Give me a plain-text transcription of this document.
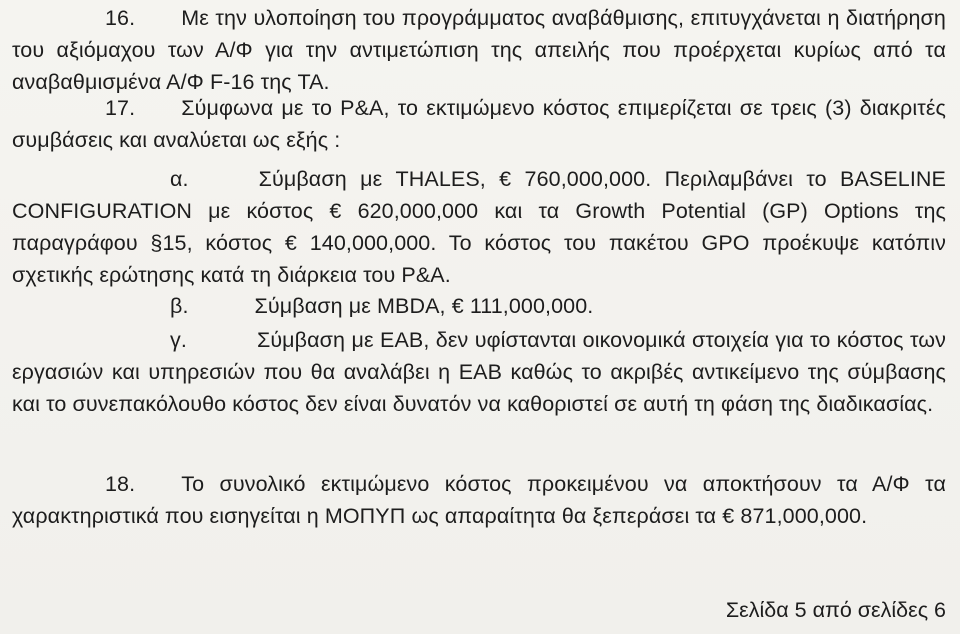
16. Με την υλοποίηση του προγράμματος αναβάθμισης, επιτυγχάνεται η διατήρηση του αξιόμαχου των Α/Φ για την αντιμετώπιση της απειλής που προέρχεται κυρίως από τα αναβαθμισμένα Α/Φ F-16 της ΤΑ.
17. Σύμφωνα με το Ρ&A, το εκτιμώμενο κόστος επιμερίζεται σε τρεις (3) διακριτές συμβάσεις και αναλύεται ως εξής :
α.	Σύμβαση με THALES, € 760,000,000. Περιλαμβάνει το BASELINE CONFIGURATION με κόστος € 620,000,000 και τα Growth Potential (GP) Options της παραγράφου §15, κόστος € 140,000,000. Το κόστος του πακέτου GPO προέκυψε κατόπιν σχετικής ερώτησης κατά τη διάρκεια του Ρ&A.
β.	Σύμβαση με MBDA, € 111,000,000.
γ.	Σύμβαση με ΕΑΒ, δεν υφίστανται οικονομικά στοιχεία για το κόστος των εργασιών και υπηρεσιών που θα αναλάβει η ΕΑΒ καθώς το ακριβές αντικείμενο της σύμβασης και το συνεπακόλουθο κόστος δεν είναι δυνατόν να καθοριστεί σε αυτή τη φάση της διαδικασίας.
18. Το συνολικό εκτιμώμενο κόστος προκειμένου να αποκτήσουν τα Α/Φ τα χαρακτηριστικά που εισηγείται η ΜΟΠΥΠ ως απαραίτητα θα ξεπεράσει τα € 871,000,000.
Σελίδα 5 από σελίδες 6
